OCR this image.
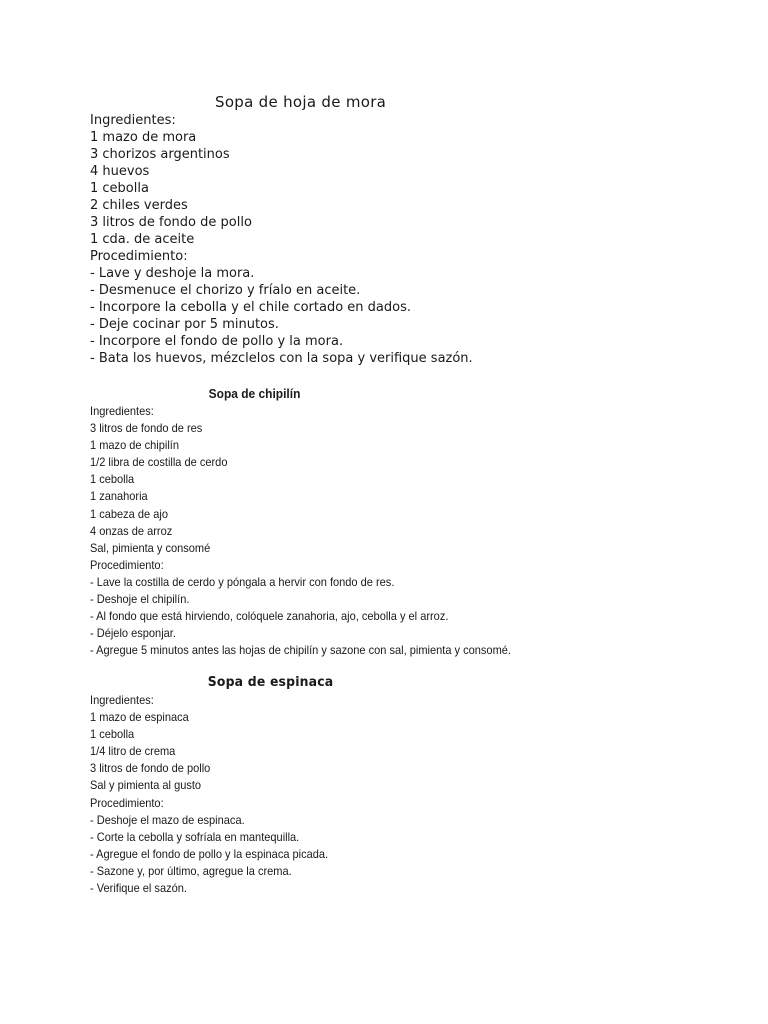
Sopa de hoja de mora
Ingredientes:
1 mazo de mora
3 chorizos argentinos
4 huevos
1 cebolla
2 chiles verdes
3 litros de fondo de pollo
1 cda. de aceite
Procedimiento:
- Lave y deshoje la mora.
- Desmenuce el chorizo y fríalo en aceite.
- Incorpore la cebolla y el chile cortado en dados.
- Deje cocinar por 5 minutos.
- Incorpore el fondo de pollo y la mora.
- Bata los huevos, mézclelos con la sopa y verifique sazón.
Sopa de chipilín
Ingredientes:
3 litros de fondo de res
1 mazo de chipilín
1/2 libra de costilla de cerdo
1 cebolla
1 zanahoria
1 cabeza de ajo
4 onzas de arroz
Sal, pimienta y consomé
Procedimiento:
- Lave la costilla de cerdo y póngala a hervir con fondo de res.
- Deshoje el chipilín.
- Al fondo que está hirviendo, colóquele zanahoria, ajo, cebolla y el arroz.
- Déjelo esponjar.
- Agregue 5 minutos antes las hojas de chipilín y sazone con sal, pimienta y consomé.
Sopa de espinaca
Ingredientes:
1 mazo de espinaca
1 cebolla
1/4 litro de crema
3 litros de fondo de pollo
Sal y pimienta al gusto
Procedimiento:
- Deshoje el mazo de espinaca.
- Corte la cebolla y sofríala en mantequilla.
- Agregue el fondo de pollo y la espinaca picada.
- Sazone y, por último, agregue la crema.
- Verifique el sazón.
